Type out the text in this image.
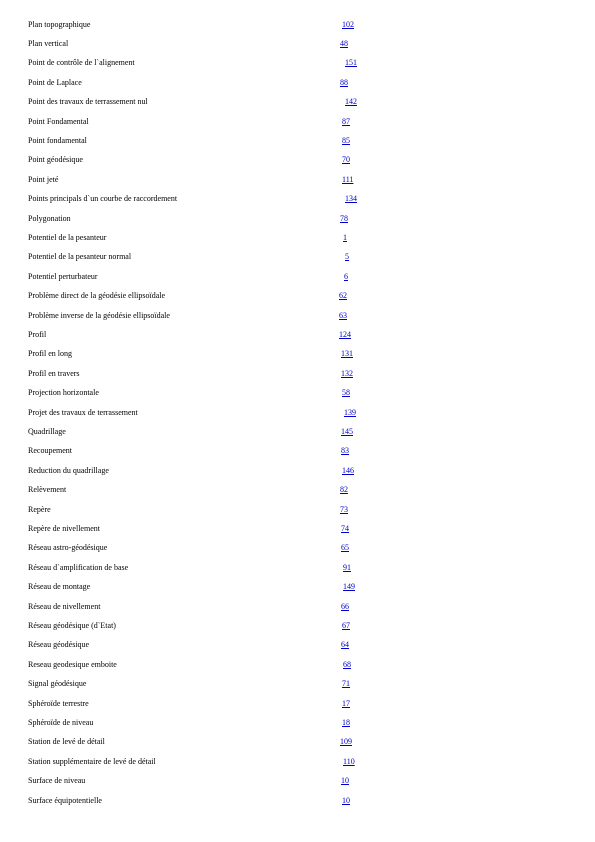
Plan topographique	102
Plan vertical	48
Point de contrôle de l`alignement	151
Point de Laplace	88
Point des travaux de terrassement nul	142
Point Fondamental	87
Point fondamental	85
Point géodésique	70
Point jeté	111
Points principals d`un courbe de raccordement	134
Polygonation	78
Potentiel de la pesanteur	1
Potentiel de la pesanteur normal	5
Potentiel perturbateur	6
Problème direct de la géodésie ellipsoïdale	62
Problème inverse de la géodésie ellipsoïdale	63
Profil	124
Profil en long	131
Profil en travers	132
Projection horizontale	58
Projet des travaux de terrassement	139
Quadrillage	145
Recoupement	83
Reduction du quadrillage	146
Relèvement	82
Repère	73
Repère de nivellement	74
Réseau astro-géodésique	65
Réseau d`amplification de base	91
Réseau de montage	149
Réseau de nivellement	66
Réseau géodésique (d`Etat)	67
Réseau géodésique	64
Reseau geodesique emboite	68
Signal géodésique	71
Sphéroïde terrestre	17
Sphéroïde de niveau	18
Station de levé de détail	109
Station supplémentaire de levé de détail	110
Surface de niveau	10
Surface équipotentielle	10
